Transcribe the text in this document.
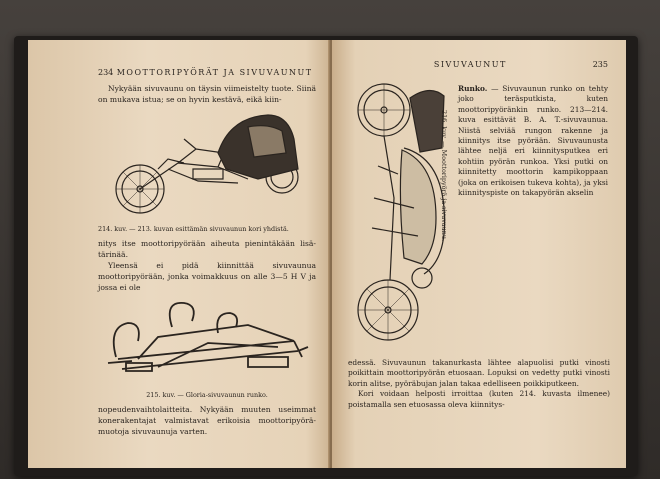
234 MOOTTORIPYÖRÄT JA SIVUVAUNUT

Nykyään sivuvaunu on täysin viimeistelty tuote. Siinä on mukava istua; se on hyvin kestävä, eikä kiin-

214. kuv. — 213. kuvan esittämän sivuvaunun kori yhdistä.

nitys itse moottoripyörään aiheuta pienintäkään lisä-tärinää.

Yleensä ei pidä kiinnittää sivuvaunua moottoripyörään, jonka voimakkuus on alle 3—5 H V ja jossa ei ole

215. kuv. — Gloria-sivuvaunun runko.

nopeudenvaihtolaitteita. Nykyään muuten useimmat konerakentajat valmistavat erikoisia moottoripyörä-muotoja sivuvaunuja varten.

SIVUVAUNUT	235
216. kuv. — Moottoripyörä ja sivuvaunu.

Runko. — Sivuvaunun runko on tehty joko teräsputkista, kuten moottoripyöränkin runko. 213—214. kuva esittävät B. A. T.-sivuvaunua. Niistä selviää rungon rakenne ja kiinnitys itse pyörään. Sivuvaunusta lähtee neljä eri kiinnitysputkea eri kohtiin pyörän runkoa. Yksi putki on kiinnitetty moottorin kampikoppaan (joka on erikoisen tukeva kohta), ja yksi kiinnityspiste on takapyörän akselin

edessä. Sivuvaunun takanurkasta lähtee alapuolisi putki vinosti poikittain moottoripyörän etuosaan. Lopuksi on vedetty putki vinosti korin alitse, pyöräbujan jalan takaa edelliseen poikkiputkeen.

Kori voidaan helposti irroittaa (kuten 214. kuvasta ilmenee) poistamalla sen etuosassa oleva kiinnitys-
